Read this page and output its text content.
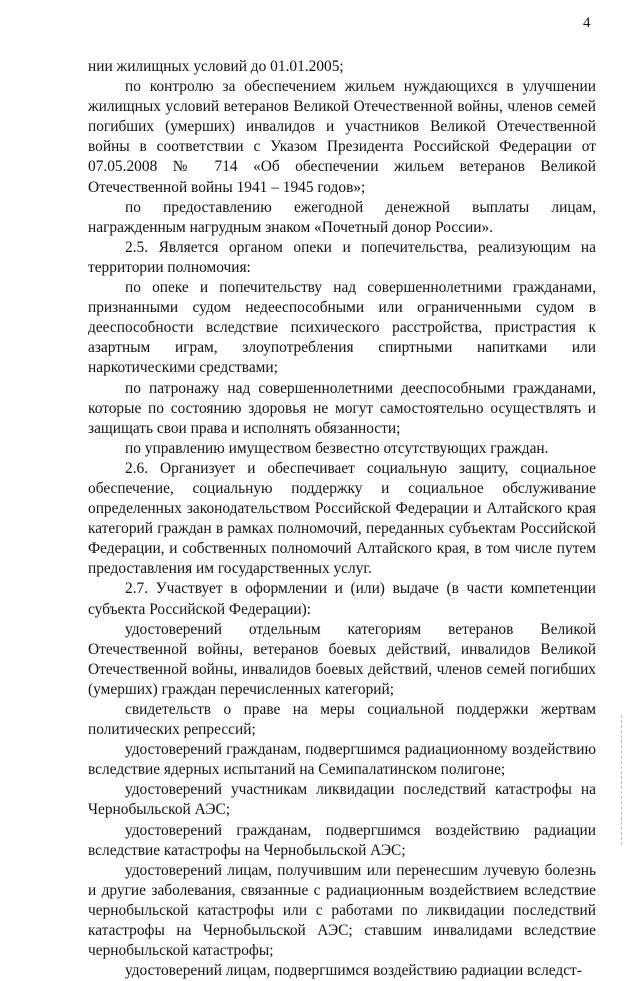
4

нии жилищных условий до 01.01.2005;

по контролю за обеспечением жильем нуждающихся в улучшении жилищных условий ветеранов Великой Отечественной войны, членов семей погибших (умерших) инвалидов и участников Великой Отечественной войны в соответствии с Указом Президента Российской Федерации от 07.05.2008 № 714 «Об обеспечении жильем ветеранов Великой Отечественной войны 1941 – 1945 годов»;

по предоставлению ежегодной денежной выплаты лицам, награжденным нагрудным знаком «Почетный донор России».

2.5. Является органом опеки и попечительства, реализующим на территории полномочия:

по опеке и попечительству над совершеннолетними гражданами, признанными судом недееспособными или ограниченными судом в дееспособности вследствие психического расстройства, пристрастия к азартным играм, злоупотребления спиртными напитками или наркотическими средствами;

по патронажу над совершеннолетними дееспособными гражданами, которые по состоянию здоровья не могут самостоятельно осуществлять и защищать свои права и исполнять обязанности;

по управлению имуществом безвестно отсутствующих граждан.

2.6. Организует и обеспечивает социальную защиту, социальное обеспечение, социальную поддержку и социальное обслуживание определенных законодательством Российской Федерации и Алтайского края категорий граждан в рамках полномочий, переданных субъектам Российской Федерации, и собственных полномочий Алтайского края, в том числе путем предоставления им государственных услуг.

2.7. Участвует в оформлении и (или) выдаче (в части компетенции субъекта Российской Федерации):

удостоверений отдельным категориям ветеранов Великой Отечественной войны, ветеранов боевых действий, инвалидов Великой Отечественной войны, инвалидов боевых действий, членов семей погибших (умерших) граждан перечисленных категорий;

свидетельств о праве на меры социальной поддержки жертвам политических репрессий;

удостоверений гражданам, подвергшимся радиационному воздействию вследствие ядерных испытаний на Семипалатинском полигоне;

удостоверений участникам ликвидации последствий катастрофы на Чернобыльской АЭС;

удостоверений гражданам, подвергшимся воздействию радиации вследствие катастрофы на Чернобыльской АЭС;

удостоверений лицам, получившим или перенесшим лучевую болезнь и другие заболевания, связанные с радиационным воздействием вследствие чернобыльской катастрофы или с работами по ликвидации последствий катастрофы на Чернобыльской АЭС; ставшим инвалидами вследствие чернобыльской катастрофы;

удостоверений лицам, подвергшимся воздействию радиации вследст-
